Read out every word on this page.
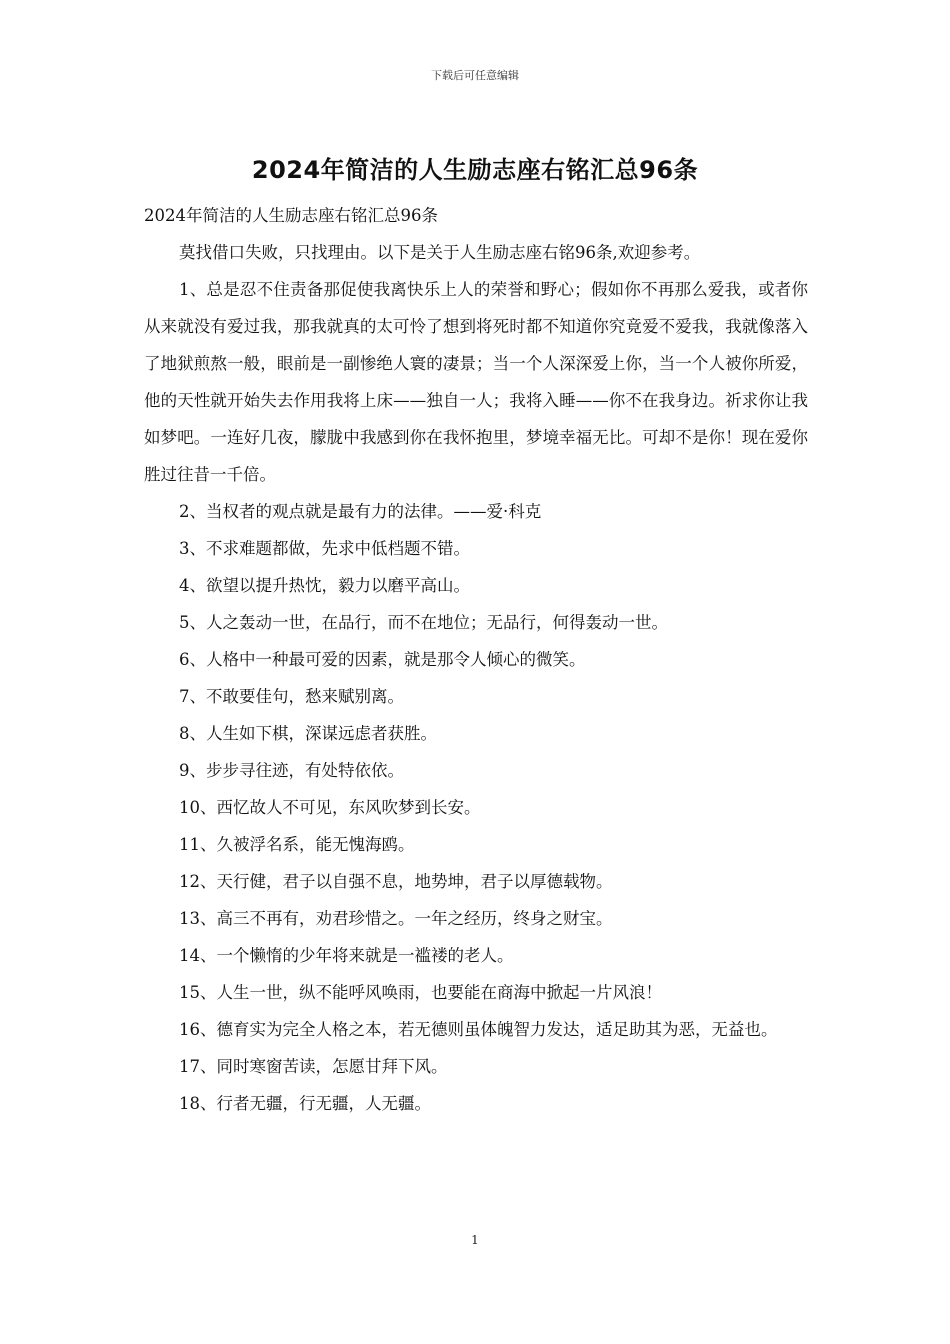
下载后可任意编辑
2024年简洁的人生励志座右铭汇总96条

2024年简洁的人生励志座右铭汇总96条

莫找借口失败，只找理由。以下是关于人生励志座右铭96条,欢迎参考。

1、总是忍不住责备那促使我离快乐上人的荣誉和野心；假如你不再那么爱我，或者你从来就没有爱过我，那我就真的太可怜了想到将死时都不知道你究竟爱不爱我，我就像落入了地狱煎熬一般，眼前是一副惨绝人寰的凄景；当一个人深深爱上你，当一个人被你所爱，他的天性就开始失去作用我将上床——独自一人；我将入睡——你不在我身边。祈求你让我如梦吧。一连好几夜，朦胧中我感到你在我怀抱里，梦境幸福无比。可却不是你！现在爱你胜过往昔一千倍。

2、当权者的观点就是最有力的法律。——爱·科克

3、不求难题都做，先求中低档题不错。

4、欲望以提升热忱，毅力以磨平高山。

5、人之轰动一世，在品行，而不在地位；无品行，何得轰动一世。

6、人格中一种最可爱的因素，就是那令人倾心的微笑。

7、不敢要佳句，愁来赋别离。

8、人生如下棋，深谋远虑者获胜。

9、步步寻往迹，有处特依依。

10、西忆故人不可见，东风吹梦到长安。

11、久被浮名系，能无愧海鸥。

12、天行健，君子以自强不息，地势坤，君子以厚德载物。

13、高三不再有，劝君珍惜之。一年之经历，终身之财宝。

14、一个懒惰的少年将来就是一褴褛的老人。

15、人生一世，纵不能呼风唤雨，也要能在商海中掀起一片风浪！

16、德育实为完全人格之本，若无德则虽体魄智力发达，适足助其为恶，无益也。

17、同时寒窗苦读，怎愿甘拜下风。

18、行者无疆，行无疆，人无疆。

1
